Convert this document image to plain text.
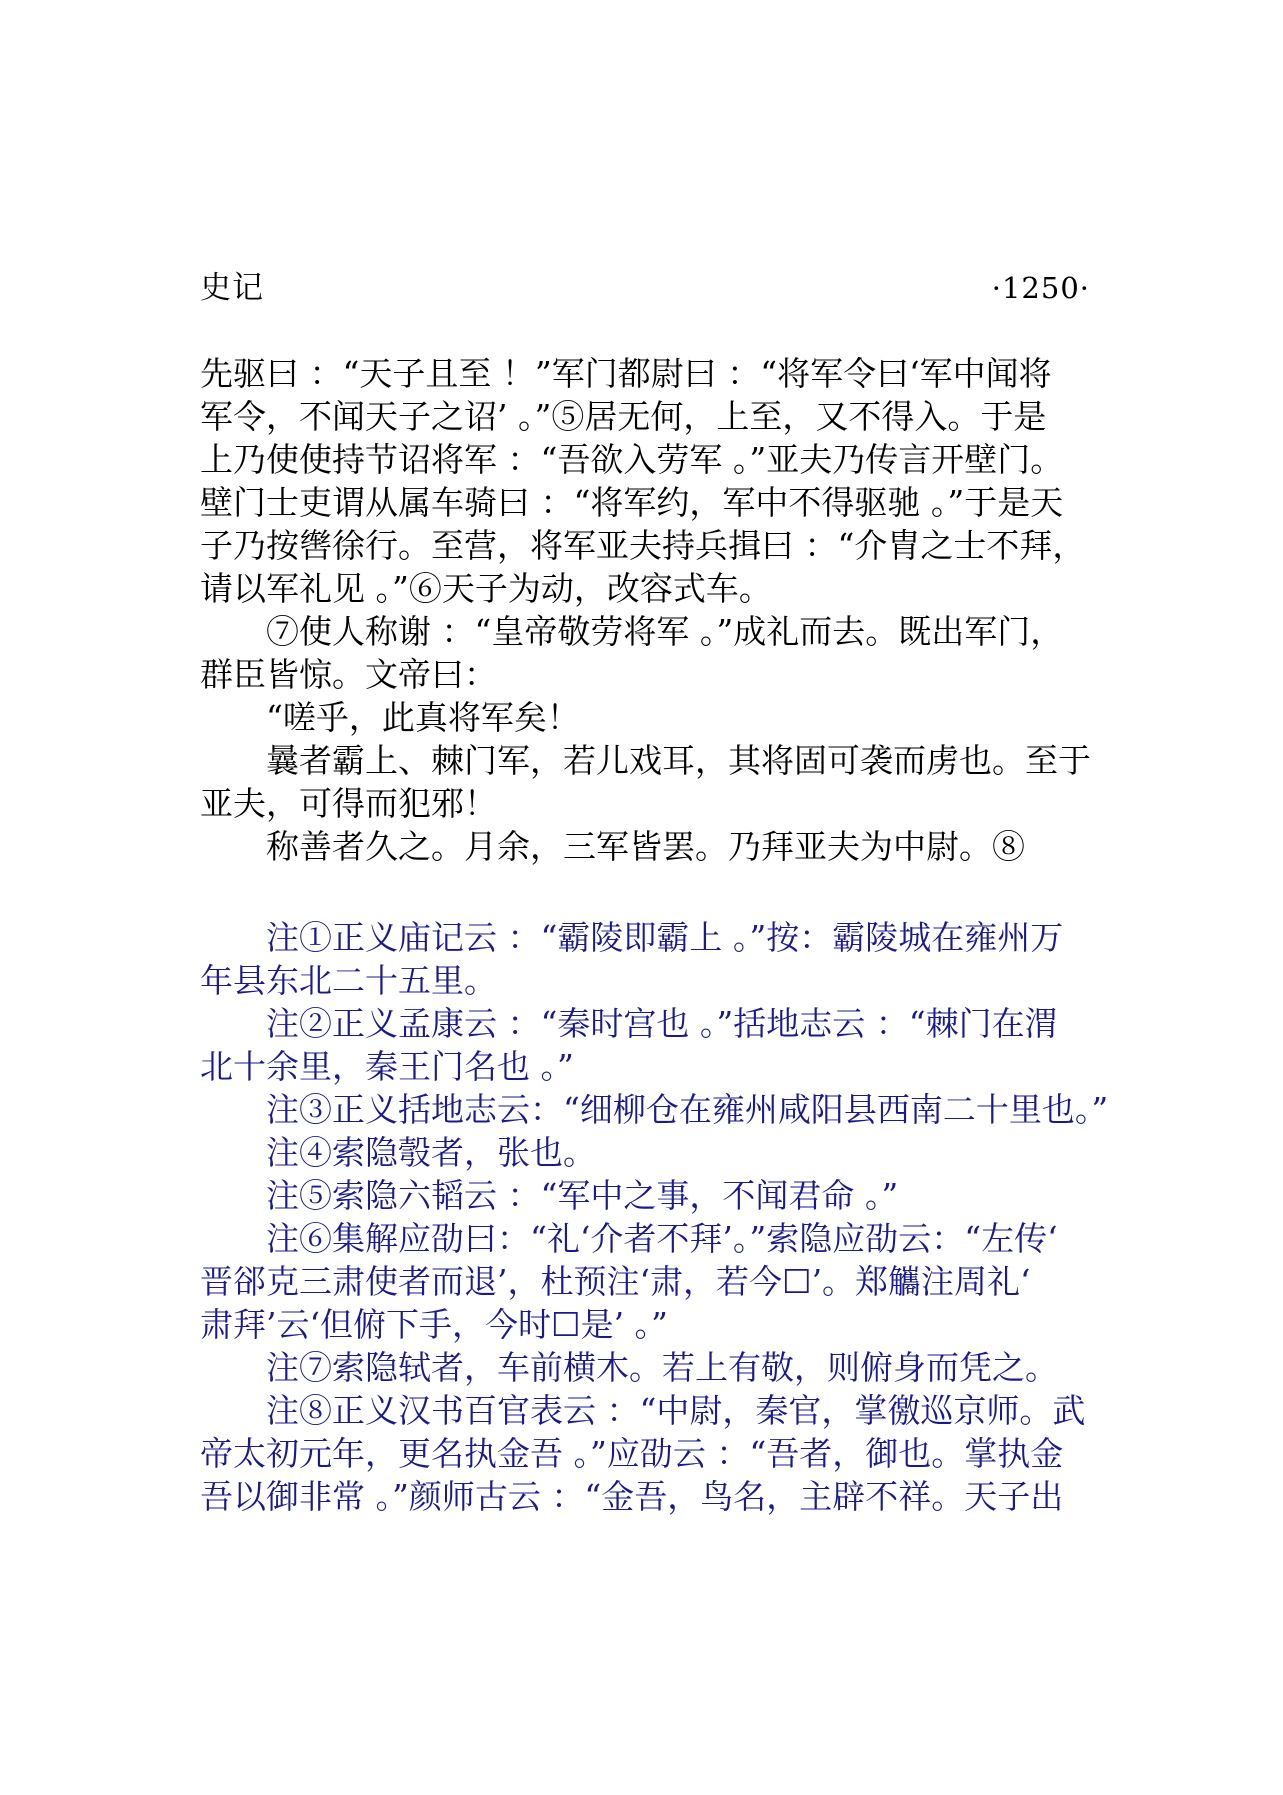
史记	·1250·
先驱曰 ：“天子且至 ！”军门都尉曰 ：“将军令曰‘军中闻将
军令，不闻天子之诏’ 。”⑤居无何，上至，又不得入。于是
上乃使使持节诏将军 ：“吾欲入劳军 。”亚夫乃传言开壁门。
壁门士吏谓从属车骑曰 ：“将军约，军中不得驱驰 。”于是天
子乃按辔徐行。至营，将军亚夫持兵揖曰 ：“介胄之士不拜，
请以军礼见 。”⑥天子为动，改容式车。
⑦使人称谢 ：“皇帝敬劳将军 。”成礼而去。既出军门，
群臣皆惊。文帝曰：
“嗟乎，此真将军矣！
曩者霸上、棘门军，若儿戏耳，其将固可袭而虏也。至于
亚夫，可得而犯邪！
称善者久之。月余，三军皆罢。乃拜亚夫为中尉。⑧
注①正义庙记云 ：“霸陵即霸上 。”按：霸陵城在雍州万
年县东北二十五里。
注②正义孟康云 ：“秦时宫也 。”括地志云 ：“棘门在渭
北十余里，秦王门名也 。”
注③正义括地志云：“细柳仓在雍州咸阳县西南二十里也。”
注④索隐彀者，张也。
注⑤索隐六韬云 ：“军中之事，不闻君命 。”
注⑥集解应劭曰：“礼‘介者不拜’。”索隐应劭云：“左传‘
晋郤克三肃使者而退’，杜预注‘肃，若今☐’。郑觿注周礼‘
肃拜’云‘但俯下手，今时☐是’ 。”
注⑦索隐轼者，车前横木。若上有敬，则俯身而凭之。
注⑧正义汉书百官表云 ：“中尉，秦官，掌徼巡京师。武
帝太初元年，更名执金吾 。”应劭云 ：“吾者，御也。掌执金
吾以御非常 。”颜师古云 ：“金吾，鸟名，主辟不祥。天子出
